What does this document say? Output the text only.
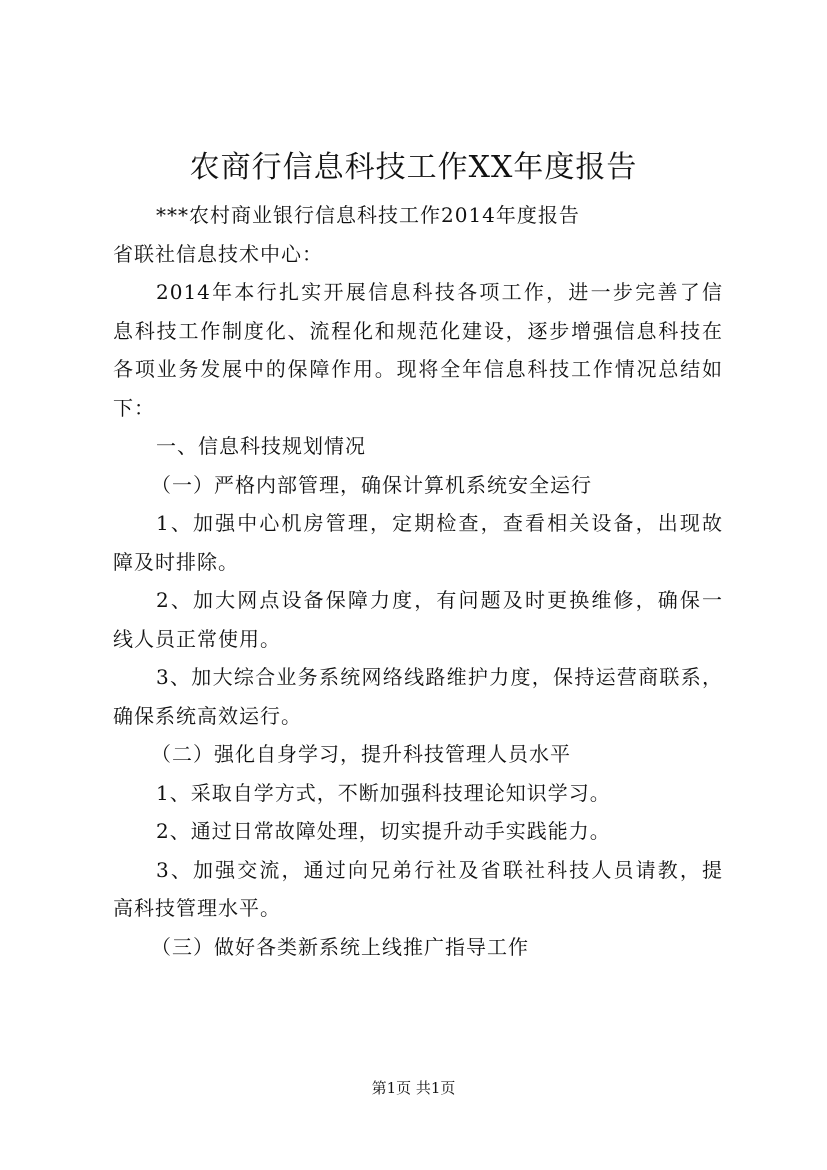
农商行信息科技工作XX年度报告
***农村商业银行信息科技工作2014年度报告
省联社信息技术中心：
2014年本行扎实开展信息科技各项工作，进一步完善了信
息科技工作制度化、流程化和规范化建设，逐步增强信息科技在
各项业务发展中的保障作用。现将全年信息科技工作情况总结如
下：
一、信息科技规划情况
（一）严格内部管理，确保计算机系统安全运行
1、加强中心机房管理，定期检查，查看相关设备，出现故
障及时排除。
2、加大网点设备保障力度，有问题及时更换维修，确保一
线人员正常使用。
3、加大综合业务系统网络线路维护力度，保持运营商联系，
确保系统高效运行。
（二）强化自身学习，提升科技管理人员水平
1、采取自学方式，不断加强科技理论知识学习。
2、通过日常故障处理，切实提升动手实践能力。
3、加强交流，通过向兄弟行社及省联社科技人员请教，提
高科技管理水平。
（三）做好各类新系统上线推广指导工作
第1页 共1页
